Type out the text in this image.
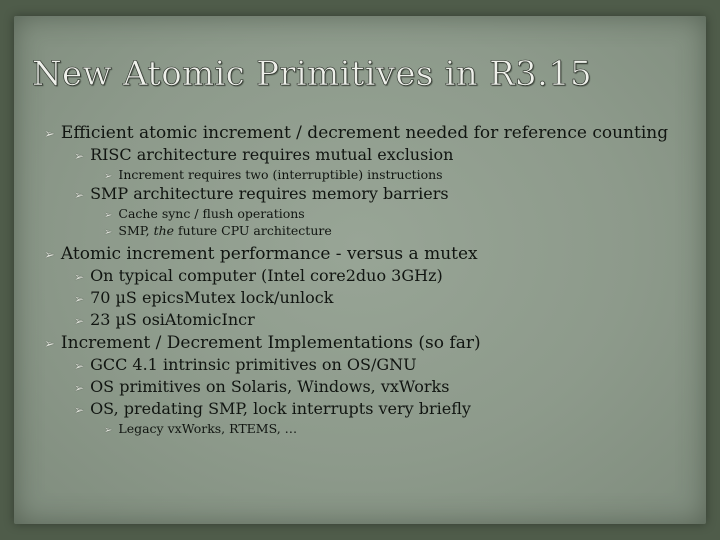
New Atomic Primitives in R3.15
➢ Efficient atomic increment / decrement needed for reference counting
➢ RISC architecture requires mutual exclusion
➢ Increment requires two (interruptible) instructions
➢ SMP architecture requires memory barriers
➢ Cache sync / flush operations
➢ SMP, the future CPU architecture
➢ Atomic increment performance - versus a mutex
➢ On typical computer (Intel core2duo 3GHz)
➢ 70 µS epicsMutex lock/unlock
➢ 23 µS osiAtomicIncr
➢ Increment / Decrement Implementations (so far)
➢ GCC 4.1 intrinsic primitives on OS/GNU
➢ OS primitives on Solaris, Windows, vxWorks
➢ OS, predating SMP, lock interrupts very briefly
➢ Legacy vxWorks, RTEMS, …
